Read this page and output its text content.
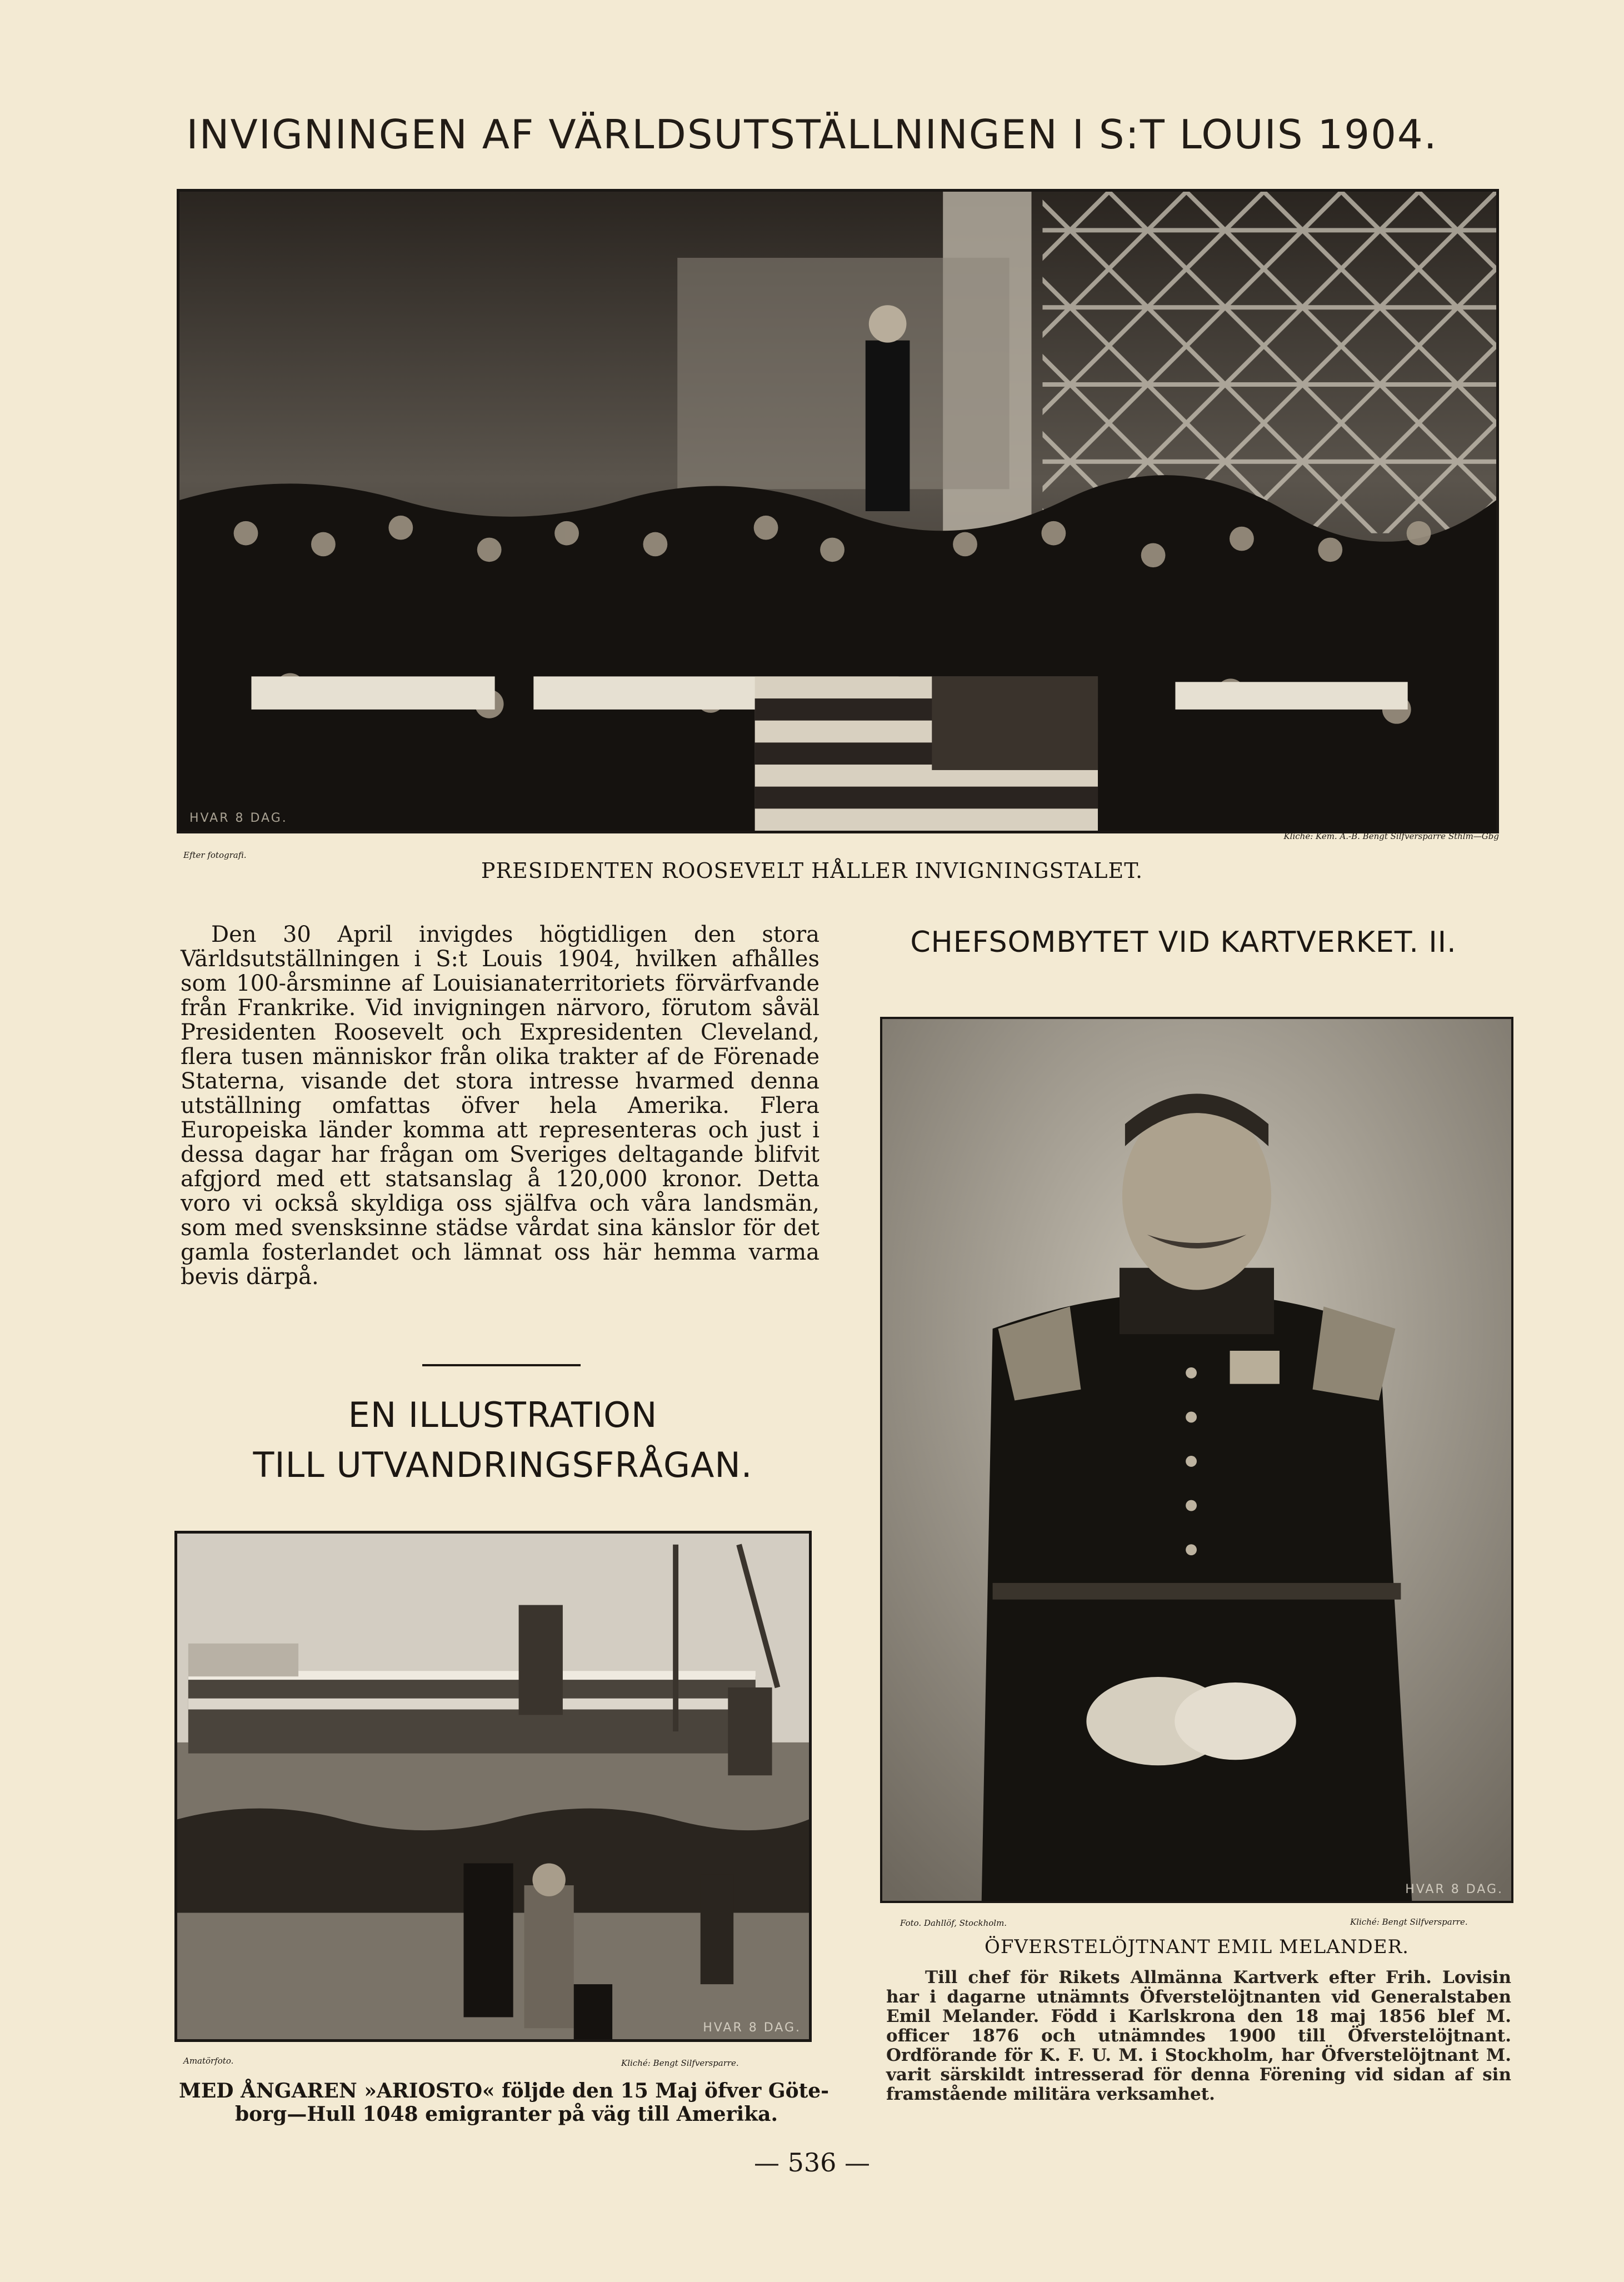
INVIGNINGEN AF VÄRLDSUTSTÄLLNINGEN I S:T LOUIS 1904.
HVAR 8 DAG.
Efter fotografi.
Kliché: Kem. A.-B. Bengt Silfversparre Sthlm—Gbg
PRESIDENTEN ROOSEVELT HÅLLER INVIGNINGSTALET.

Den 30 April invigdes högtidligen den stora Världsutställningen i S:t Louis 1904, hvilken afhålles som 100-årsminne af Louisianaterritoriets förvärfvande från Frankrike. Vid invigningen närvoro, förutom såväl Presidenten Roosevelt och Expresidenten Cleveland, flera tusen människor från olika trakter af de Förenade Staterna, visande det stora intresse hvarmed denna utställning omfattas öfver hela Amerika. Flera Europeiska länder komma att representeras och just i dessa dagar har frågan om Sveriges deltagande blifvit afgjord med ett statsanslag å 120,000 kronor. Detta voro vi också skyldiga oss själfva och våra landsmän, som med svensksinne städse vårdat sina känslor för det gamla fosterlandet och lämnat oss här hemma varma bevis därpå.

EN ILLUSTRATION
TILL UTVANDRINGSFRÅGAN.
HVAR 8 DAG.
Amatörfoto.	Kliché: Bengt Silfversparre.
MED ÅNGAREN »ARIOSTO« följde den 15 Maj öfver Göte-
borg—Hull 1048 emigranter på väg till Amerika.
CHEFSOMBYTET VID KARTVERKET. II.
HVAR 8 DAG.
Foto. Dahllöf, Stockholm.	Kliché: Bengt Silfversparre.
ÖFVERSTELÖJTNANT EMIL MELANDER.
Till chef för Rikets Allmänna Kartverk efter Frih. Lovisin har i dagarne utnämnts Öfverstelöjtnanten vid Generalstaben Emil Melander. Född i Karlskrona den 18 maj 1856 blef M. officer 1876 och utnämndes 1900 till Öfverstelöjtnant. Ordförande för K. F. U. M. i Stockholm, har Öfverstelöjtnant M. varit särskildt intresserad för denna Förening vid sidan af sin framstående militära verksamhet.
— 536 —
